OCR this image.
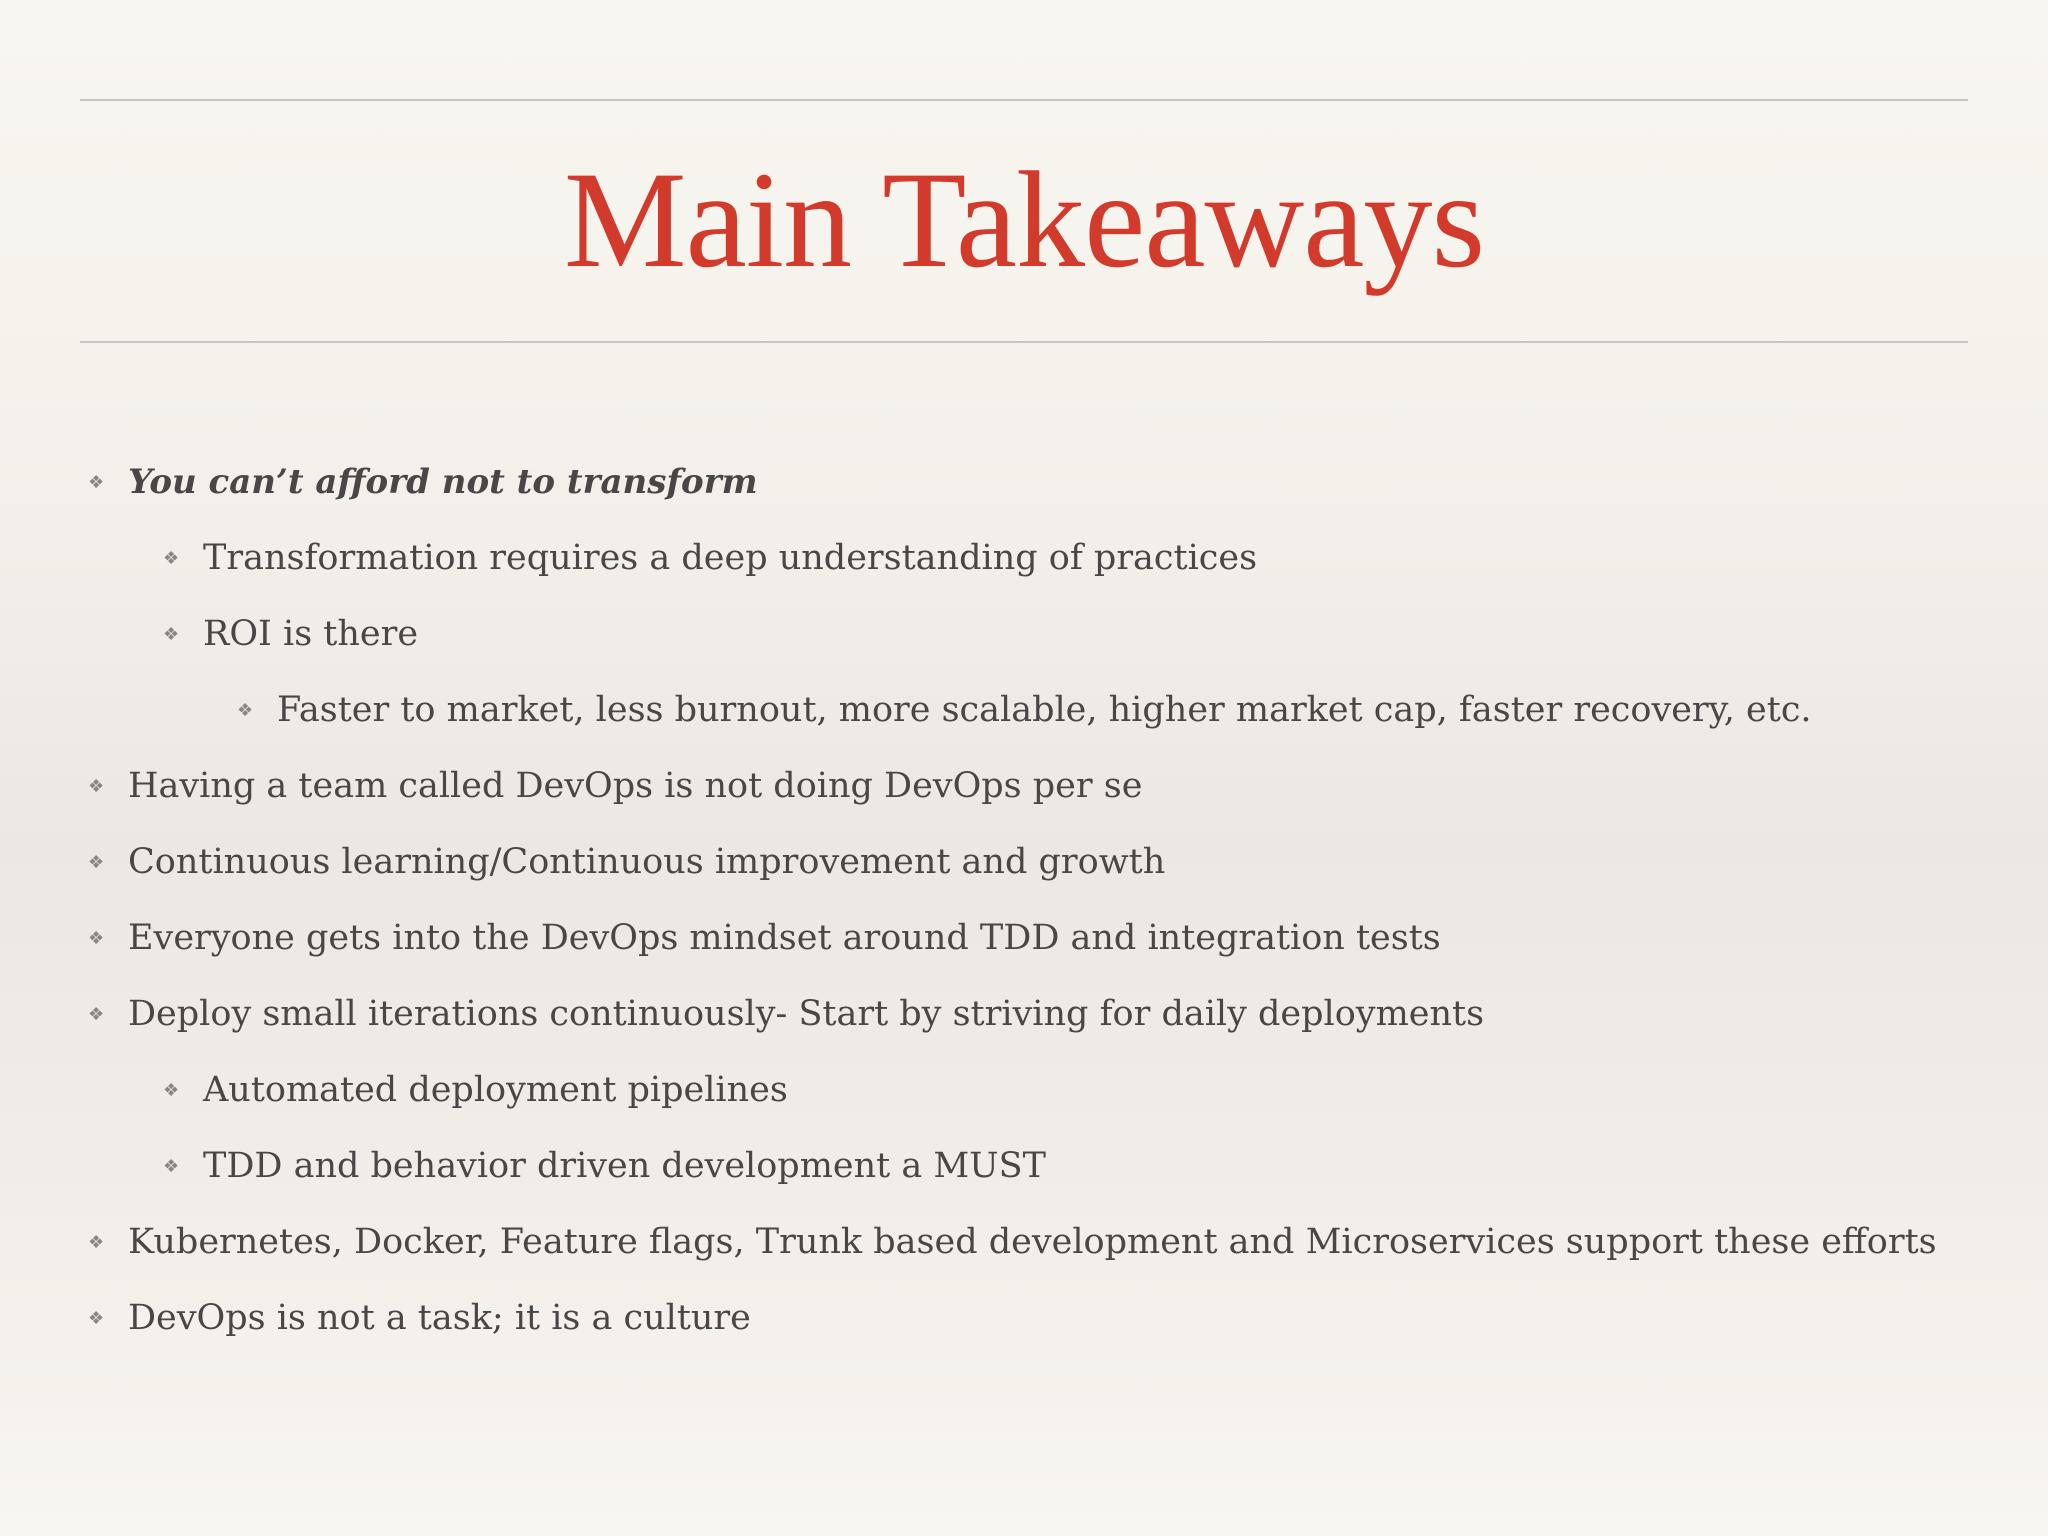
Main Takeaways
❖ You can’t afford not to transform
❖ Transformation requires a deep understanding of practices
❖ ROI is there
❖ Faster to market, less burnout, more scalable, higher market cap, faster recovery, etc.
❖ Having a team called DevOps is not doing DevOps per se
❖ Continuous learning/Continuous improvement and growth
❖ Everyone gets into the DevOps mindset around TDD and integration tests
❖ Deploy small iterations continuously- Start by striving for daily deployments
❖ Automated deployment pipelines
❖ TDD and behavior driven development a MUST
❖ Kubernetes, Docker, Feature flags, Trunk based development and Microservices support these efforts
❖ DevOps is not a task; it is a culture
